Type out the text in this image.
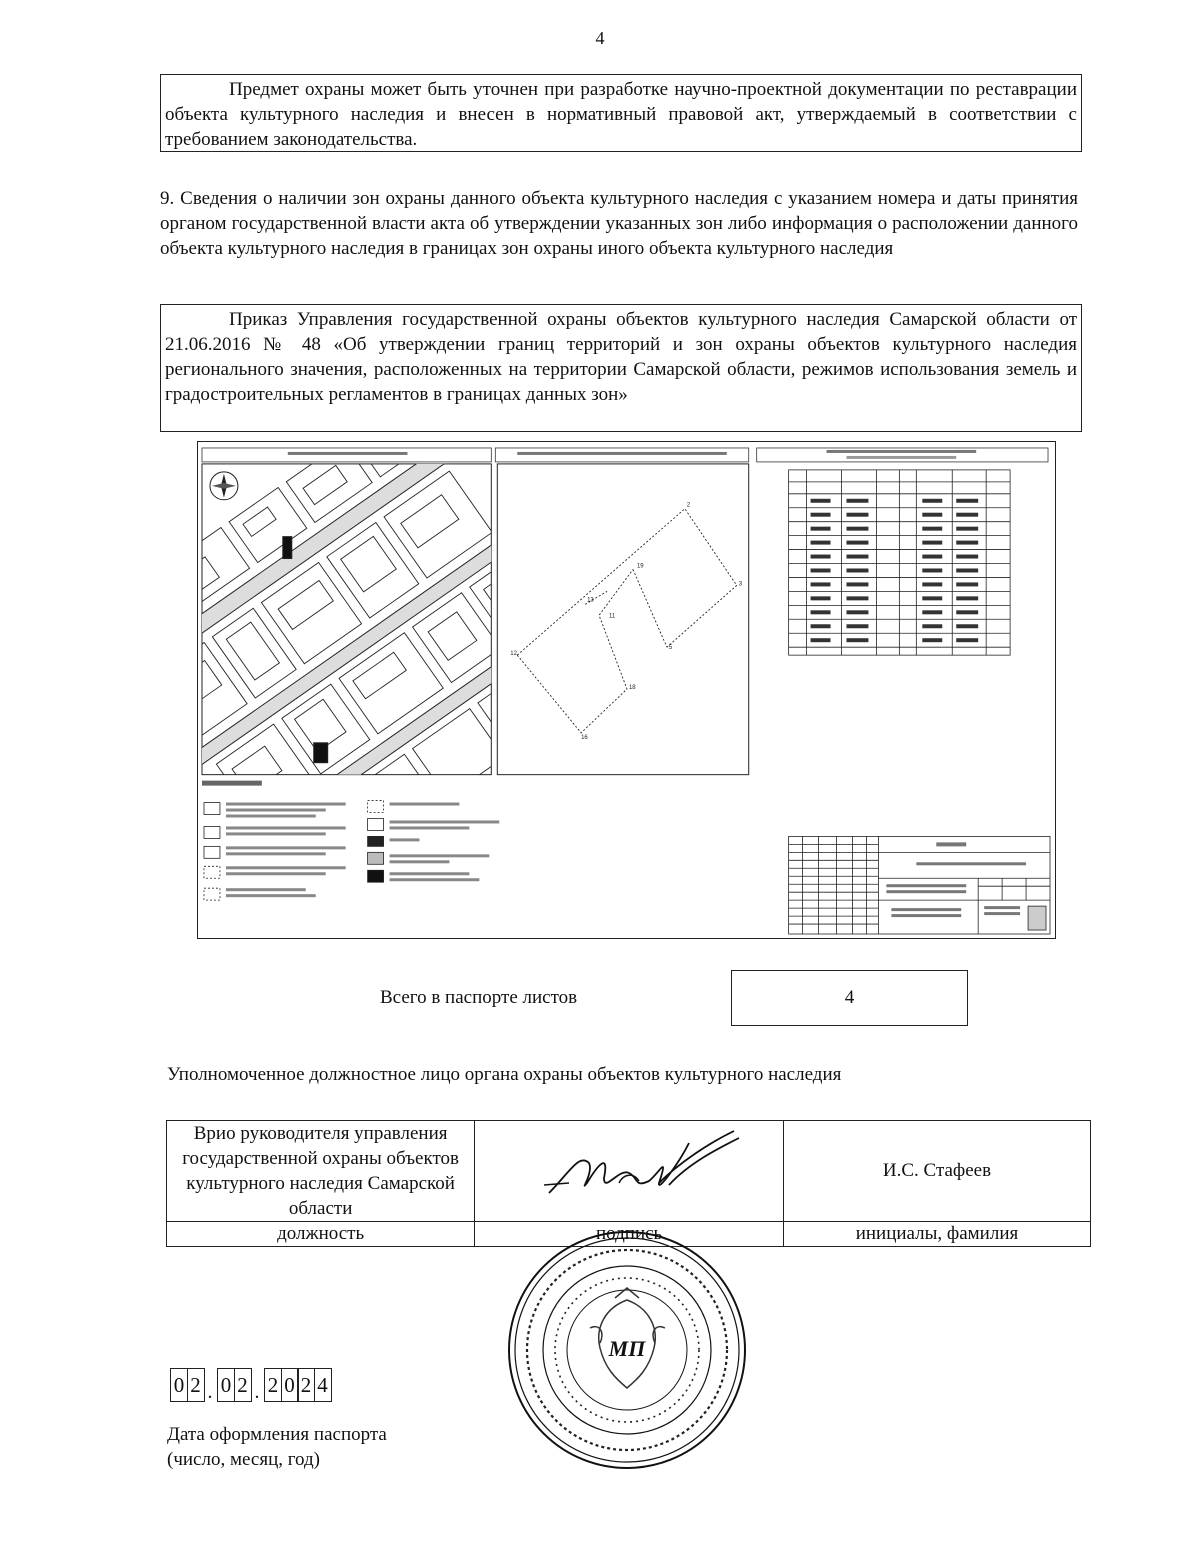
4
Предмет охраны может быть уточнен при разработке научно-проектной документации по реставрации объекта культурного наследия и внесен в нормативный правовой акт, утверждаемый в соответствии с требованием законодательства.
9. Сведения о наличии зон охраны данного объекта культурного наследия с указанием номера и даты принятия органом государственной власти акта об утверждении указанных зон либо информация о расположении данного объекта культурного наследия в границах зон охраны иного объекта культурного наследия
Приказ Управления государственной охраны объектов культурного наследия Самарской области от 21.06.2016 № 48 «Об утверждении границ территорий и зон охраны объектов культурного наследия регионального значения, расположенных на территории Самарской области, режимов использования земель и градостроительных регламентов в границах данных зон»
12
2
3
5
16
18
19
13
11
Всего в паспорте листов	4
Уполномоченное должностное лицо органа охраны объектов культурного наследия
Врио руководителя управления государственной охраны объектов культурного наследия Самарской области		И.С. Стафеев
должность	подпись	инициалы, фамилия
МП
0 2 . 0 2 . 2 0 2 4
Дата оформления паспорта
(число, месяц, год)
